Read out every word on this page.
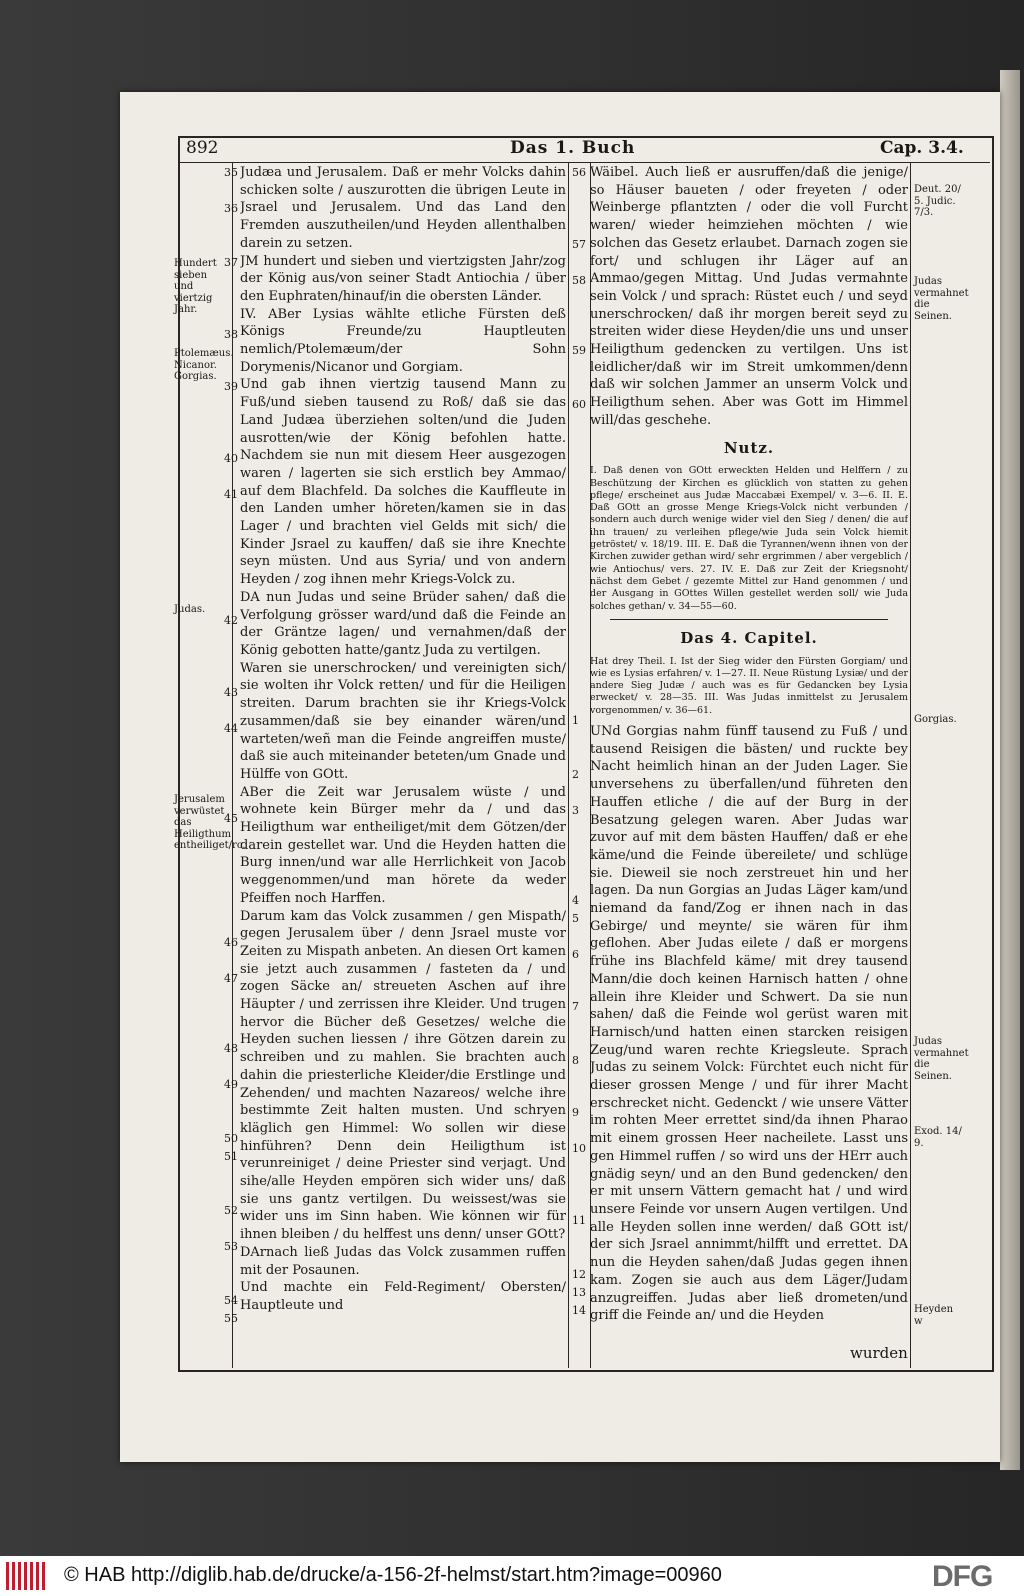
892	Das 1. Buch	Cap. 3.4.
Hundert sieben und viertzig Jahr.
Ptolemæus. Nicanor. Gorgias.
Judas.
Jerusalem verwüstet das Heiligthum entheiliget/rc.
Deut. 20/ 5. Judic. 7/3.
Judas vermahnet die Seinen.
Gorgias.
Judas vermahnet die Seinen.
Exod. 14/ 9.
Heyden w
35
36
37
38
39
40
41
42
43
44
45
46
47
48
49
50
51
52
53
54
55
56
57
58
59
60
1
2
3
4
5
6
7
8
9
10
11
12
13
14
Judæa und Jerusalem. Daß er mehr Volcks dahin schicken solte / auszurotten die übrigen Leute in Jsrael und Jerusalem. Und das Land den Fremden auszutheilen/und Heyden allenthalben darein zu setzen.
JM hundert und sieben und viertzigsten Jahr/zog der König aus/von seiner Stadt Antiochia / über den Euphraten/hinauf/in die obersten Länder.
IV. ABer Lysias wählte etliche Fürsten deß Königs Freunde/zu Hauptleuten nemlich/Ptolemæum/der Sohn Dorymenis/Nicanor und Gorgiam.
Und gab ihnen viertzig tausend Mann zu Fuß/und sieben tausend zu Roß/ daß sie das Land Judæa überziehen solten/und die Juden ausrotten/wie der König befohlen hatte. Nachdem sie nun mit diesem Heer ausgezogen waren / lagerten sie sich erstlich bey Ammao/ auf dem Blachfeld. Da solches die Kauffleute in den Landen umher höreten/kamen sie in das Lager / und brachten viel Gelds mit sich/ die Kinder Jsrael zu kauffen/ daß sie ihre Knechte seyn müsten. Und aus Syria/ und von andern Heyden / zog ihnen mehr Kriegs-Volck zu.
DA nun Judas und seine Brüder sahen/ daß die Verfolgung grösser ward/und daß die Feinde an der Gräntze lagen/ und vernahmen/daß der König gebotten hatte/gantz Juda zu vertilgen.
Waren sie unerschrocken/ und vereinigten sich/ sie wolten ihr Volck retten/ und für die Heiligen streiten. Darum brachten sie ihr Kriegs-Volck zusammen/daß sie bey einander wären/und warteten/weñ man die Feinde angreiffen muste/ daß sie auch miteinander beteten/um Gnade und Hülffe von GOtt.
ABer die Zeit war Jerusalem wüste / und wohnete kein Bürger mehr da / und das Heiligthum war entheiliget/mit dem Götzen/der darein gestellet war. Und die Heyden hatten die Burg innen/und war alle Herrlichkeit von Jacob weggenommen/und man hörete da weder Pfeiffen noch Harffen.
Darum kam das Volck zusammen / gen Mispath/ gegen Jerusalem über / denn Jsrael muste vor Zeiten zu Mispath anbeten. An diesen Ort kamen sie jetzt auch zusammen / fasteten da / und zogen Säcke an/ streueten Aschen auf ihre Häupter / und zerrissen ihre Kleider. Und trugen hervor die Bücher deß Gesetzes/ welche die Heyden suchen liessen / ihre Götzen darein zu schreiben und zu mahlen. Sie brachten auch dahin die priesterliche Kleider/die Erstlinge und Zehenden/ und machten Nazareos/ welche ihre bestimmte Zeit halten musten. Und schryen kläglich gen Himmel: Wo sollen wir diese hinführen? Denn dein Heiligthum ist verunreiniget / deine Priester sind verjagt. Und sihe/alle Heyden empören sich wider uns/ daß sie uns gantz vertilgen. Du weissest/was sie wider uns im Sinn haben. Wie können wir für ihnen bleiben / du helffest uns denn/ unser GOtt?
DArnach ließ Judas das Volck zusammen ruffen mit der Posaunen.
Und machte ein Feld-Regiment/ Obersten/ Hauptleute und
Wäibel. Auch ließ er ausruffen/daß die jenige/ so Häuser baueten / oder freyeten / oder Weinberge pflantzten / oder die voll Furcht waren/ wieder heimziehen möchten / wie solchen das Gesetz erlaubet. Darnach zogen sie fort/ und schlugen ihr Läger auf an Ammao/gegen Mittag. Und Judas vermahnte sein Volck / und sprach: Rüstet euch / und seyd unerschrocken/ daß ihr morgen bereit seyd zu streiten wider diese Heyden/die uns und unser Heiligthum gedencken zu vertilgen. Uns ist leidlicher/daß wir im Streit umkommen/denn daß wir solchen Jammer an unserm Volck und Heiligthum sehen. Aber was Gott im Himmel will/das geschehe.
Nutz.
I. Daß denen von GOtt erweckten Helden und Helffern / zu Beschützung der Kirchen es glücklich von statten zu gehen pflege/ erscheinet aus Judæ Maccabæi Exempel/ v. 3—6. II. E. Daß GOtt an grosse Menge Kriegs-Volck nicht verbunden / sondern auch durch wenige wider viel den Sieg / denen/ die auf ihn trauen/ zu verleihen pflege/wie Juda sein Volck hiemit getröstet/ v. 18/19. III. E. Daß die Tyrannen/wenn ihnen von der Kirchen zuwider gethan wird/ sehr ergrimmen / aber vergeblich / wie Antiochus/ vers. 27. IV. E. Daß zur Zeit der Kriegsnoht/ nächst dem Gebet / gezemte Mittel zur Hand genommen / und der Ausgang in GOttes Willen gestellet werden soll/ wie Juda solches gethan/ v. 34—55—60.
Das 4. Capitel.
Hat drey Theil. I. Ist der Sieg wider den Fürsten Gorgiam/ und wie es Lysias erfahren/ v. 1—27. II. Neue Rüstung Lysiæ/ und der andere Sieg Judæ / auch was es für Gedancken bey Lysia erwecket/ v. 28—35. III. Was Judas inmittelst zu Jerusalem vorgenommen/ v. 36—61.
UNd Gorgias nahm fünff tausend zu Fuß / und tausend Reisigen die bästen/ und ruckte bey Nacht heimlich hinan an der Juden Lager. Sie unversehens zu überfallen/und führeten den Hauffen etliche / die auf der Burg in der Besatzung gelegen waren. Aber Judas war zuvor auf mit dem bästen Hauffen/ daß er ehe käme/und die Feinde übereilete/ und schlüge sie. Dieweil sie noch zerstreuet hin und her lagen. Da nun Gorgias an Judas Läger kam/und niemand da fand/Zog er ihnen nach in das Gebirge/ und meynte/ sie wären für ihm geflohen. Aber Judas eilete / daß er morgens frühe ins Blachfeld käme/ mit drey tausend Mann/die doch keinen Harnisch hatten / ohne allein ihre Kleider und Schwert. Da sie nun sahen/ daß die Feinde wol gerüst waren mit Harnisch/und hatten einen starcken reisigen Zeug/und waren rechte Kriegsleute. Sprach Judas zu seinem Volck: Fürchtet euch nicht für dieser grossen Menge / und für ihrer Macht erschrecket nicht. Gedenckt / wie unsere Vätter im rohten Meer errettet sind/da ihnen Pharao mit einem grossen Heer nacheilete. Lasst uns gen Himmel ruffen / so wird uns der HErr auch gnädig seyn/ und an den Bund gedencken/ den er mit unsern Vättern gemacht hat / und wird unsere Feinde vor unsern Augen vertilgen. Und alle Heyden sollen inne werden/ daß GOtt ist/ der sich Jsrael annimmt/hilfft und errettet. DA nun die Heyden sahen/daß Judas gegen ihnen kam. Zogen sie auch aus dem Läger/Judam anzugreiffen. Judas aber ließ drometen/und griff die Feinde an/ und die Heyden
wurden
© HAB http://diglib.hab.de/drucke/a-156-2f-helmst/start.htm?image=00960	DFG
